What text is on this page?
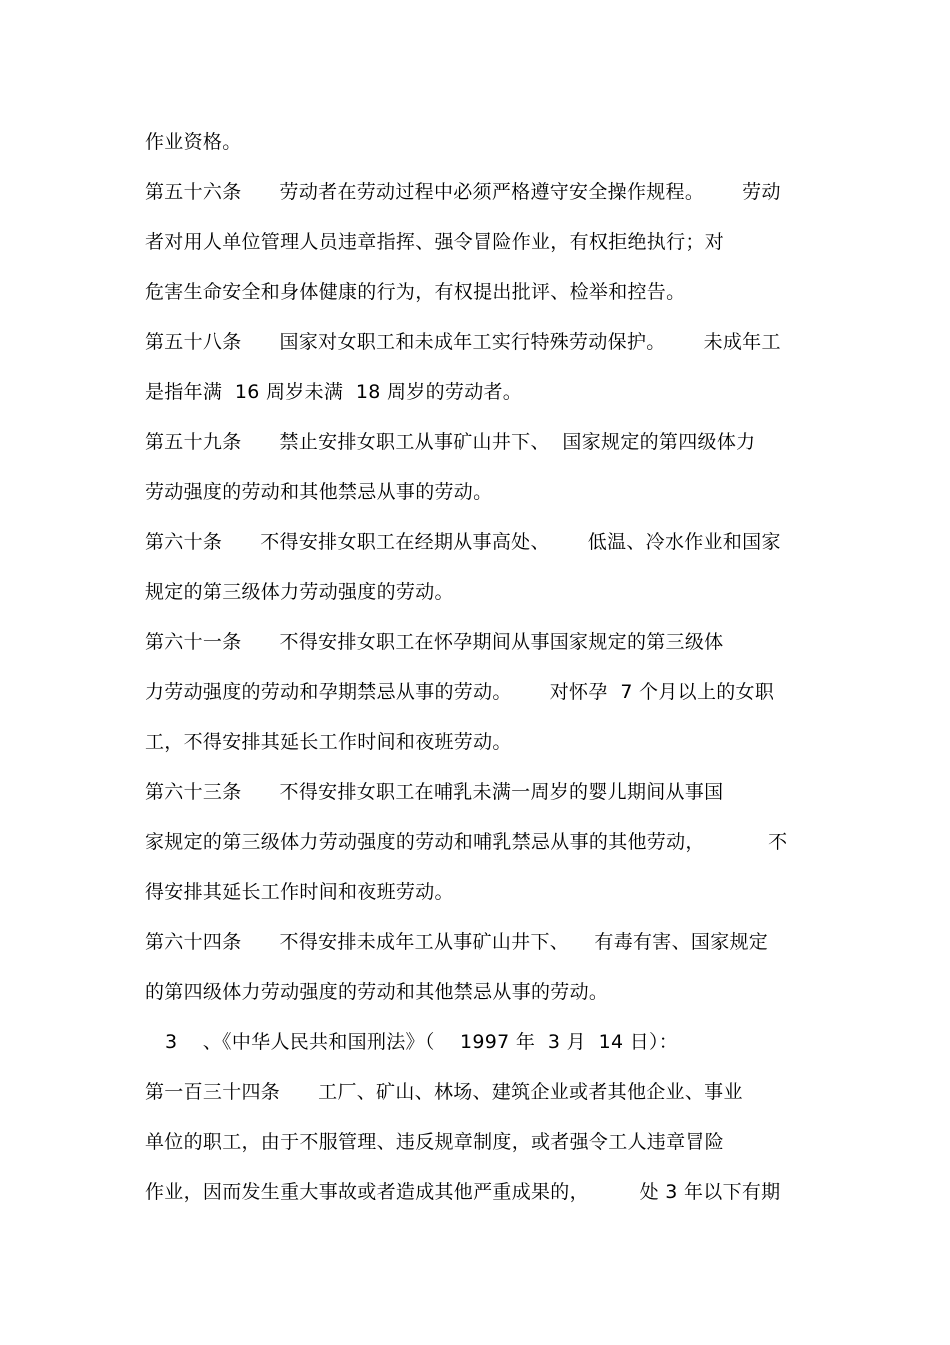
作业资格。
第五十六条      劳动者在劳动过程中必须严格遵守安全操作规程。      劳动
者对用人单位管理人员违章指挥、强令冒险作业，有权拒绝执行；对
危害生命安全和身体健康的行为，有权提出批评、检举和控告。
第五十八条      国家对女职工和未成年工实行特殊劳动保护。      未成年工
是指年满  16 周岁未满  18 周岁的劳动者。
第五十九条      禁止安排女职工从事矿山井下、  国家规定的第四级体力
劳动强度的劳动和其他禁忌从事的劳动。
第六十条      不得安排女职工在经期从事高处、      低温、冷水作业和国家
规定的第三级体力劳动强度的劳动。
第六十一条      不得安排女职工在怀孕期间从事国家规定的第三级体
力劳动强度的劳动和孕期禁忌从事的劳动。      对怀孕  7 个月以上的女职
工，不得安排其延长工作时间和夜班劳动。
第六十三条      不得安排女职工在哺乳未满一周岁的婴儿期间从事国
家规定的第三级体力劳动强度的劳动和哺乳禁忌从事的其他劳动，          不
得安排其延长工作时间和夜班劳动。
第六十四条      不得安排未成年工从事矿山井下、    有毒有害、国家规定
的第四级体力劳动强度的劳动和其他禁忌从事的劳动。
3    、《中华人民共和国刑法》（    1997 年  3 月  14 日）：
第一百三十四条      工厂、矿山、林场、建筑企业或者其他企业、事业
单位的职工，由于不服管理、违反规章制度，或者强令工人违章冒险
作业，因而发生重大事故或者造成其他严重成果的，        处 3 年以下有期
